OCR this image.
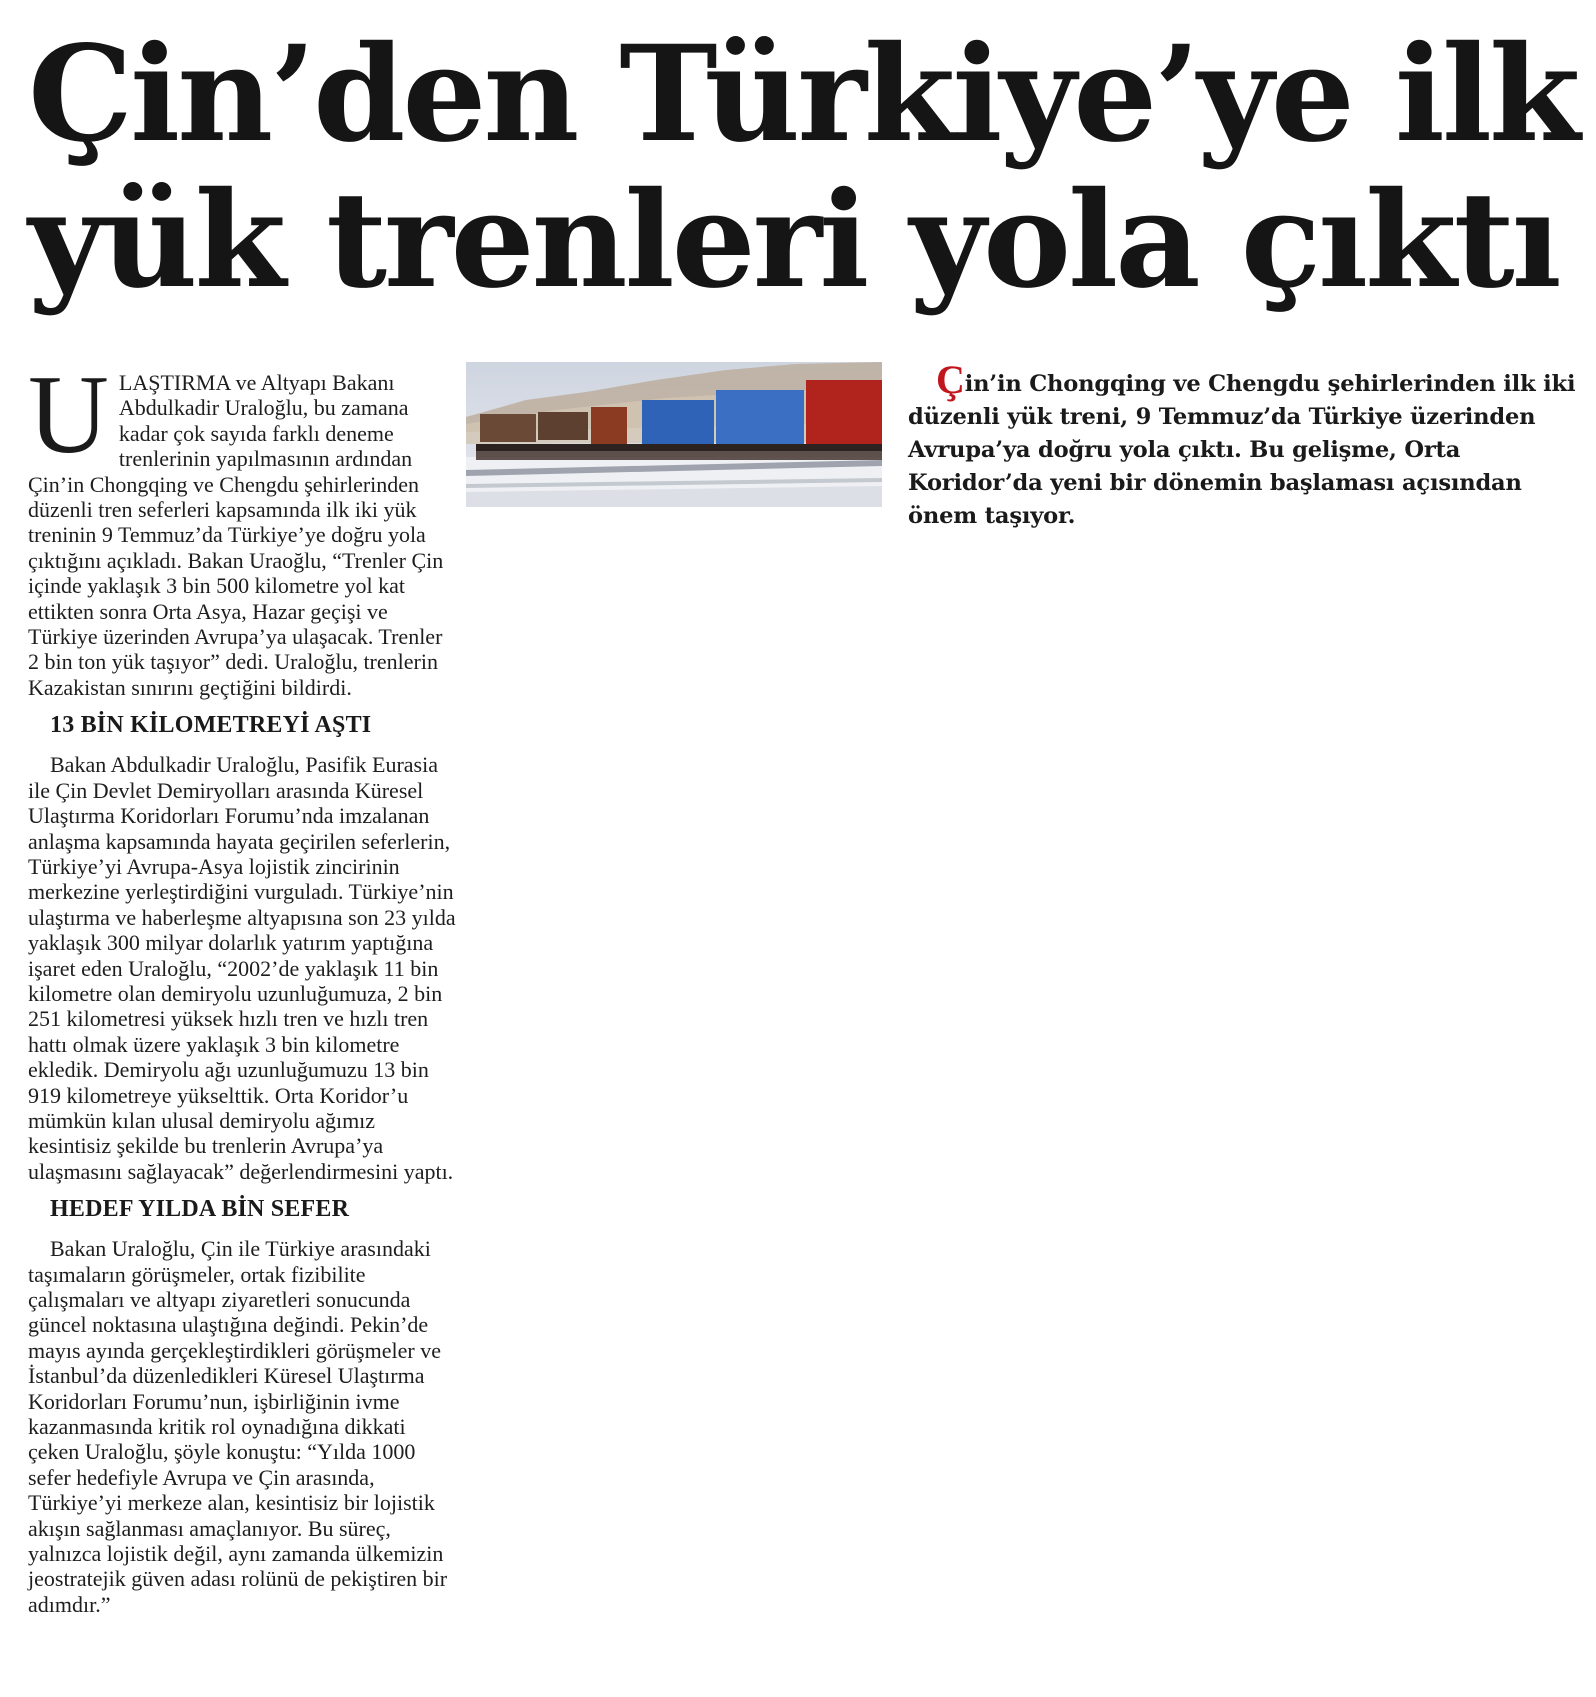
Çin’den Türkiye’ye ilk
yük trenleri yola çıktı

U LAŞTIRMA ve Altyapı Bakanı Abdulkadir Uraloğlu, bu zamana kadar çok sayıda farklı deneme trenlerinin yapılmasının ardından Çin’in Chongqing ve Chengdu şehirlerinden düzenli tren seferleri kapsamında ilk iki yük treninin 9 Temmuz’da Türkiye’ye doğru yola çıktığını açıkladı. Bakan Uraoğlu, “Trenler Çin içinde yaklaşık 3 bin 500 kilometre yol kat ettikten sonra Orta Asya, Hazar geçişi ve Türkiye üzerinden Avrupa’ya ulaşacak. Trenler 2 bin ton yük taşıyor” dedi. Uraloğlu, trenlerin Kazakistan sınırını geçtiğini bildirdi.

13 BİN KİLOMETREYİ AŞTI

Bakan Abdulkadir Uraloğlu, Pasifik Eurasia ile Çin Devlet Demiryolları arasında Küresel Ulaştırma Koridorları Forumu’nda imzalanan anlaşma kapsamında hayata geçirilen seferlerin, Türkiye’yi Avrupa-Asya lojistik zincirinin merkezine yerleştirdiğini vurguladı. Türkiye’nin ulaştırma ve haberleşme altyapısına son 23 yılda yaklaşık 300 milyar dolarlık yatırım yaptığına işaret eden Uraloğlu, “2002’de yaklaşık 11 bin kilometre olan demiryolu uzunluğumuza, 2 bin 251 kilometresi yüksek hızlı tren ve hızlı tren hattı olmak üzere yaklaşık 3 bin kilometre ekledik. Demiryolu ağı uzunluğumuzu 13 bin 919 kilometreye yükselttik. Orta Koridor’u mümkün kılan ulusal demiryolu ağımız kesintisiz şekilde bu trenlerin Avrupa’ya ulaşmasını sağlayacak” değerlendirmesini yaptı.

HEDEF YILDA BİN SEFER

Bakan Uraloğlu, Çin ile Türkiye arasındaki taşımaların görüşmeler, ortak fizibilite çalışmaları ve altyapı ziyaretleri sonucunda güncel noktasına ulaştığına değindi. Pekin’de mayıs ayında gerçekleştirdikleri görüşmeler ve İstanbul’da düzenledikleri Küresel Ulaştırma Koridorları Forumu’nun, işbirliğinin ivme kazanmasında kritik rol oynadığına dikkati çeken Uraloğlu, şöyle konuştu: “Yılda 1000 sefer hedefiyle Avrupa ve Çin arasında, Türkiye’yi merkeze alan, kesintisiz bir lojistik akışın sağlanması amaçlanıyor. Bu süreç, yalnızca lojistik değil, aynı zamanda ülkemizin jeostratejik güven adası rolünü de pekiştiren bir adımdır.”

Çin’in Chongqing ve Chengdu şehirlerinden ilk iki düzenli yük treni, 9 Temmuz’da Türkiye üzerinden Avrupa’ya doğru yola çıktı. Bu gelişme, Orta Koridor’da yeni bir dönemin başlaması açısından önem taşıyor.
